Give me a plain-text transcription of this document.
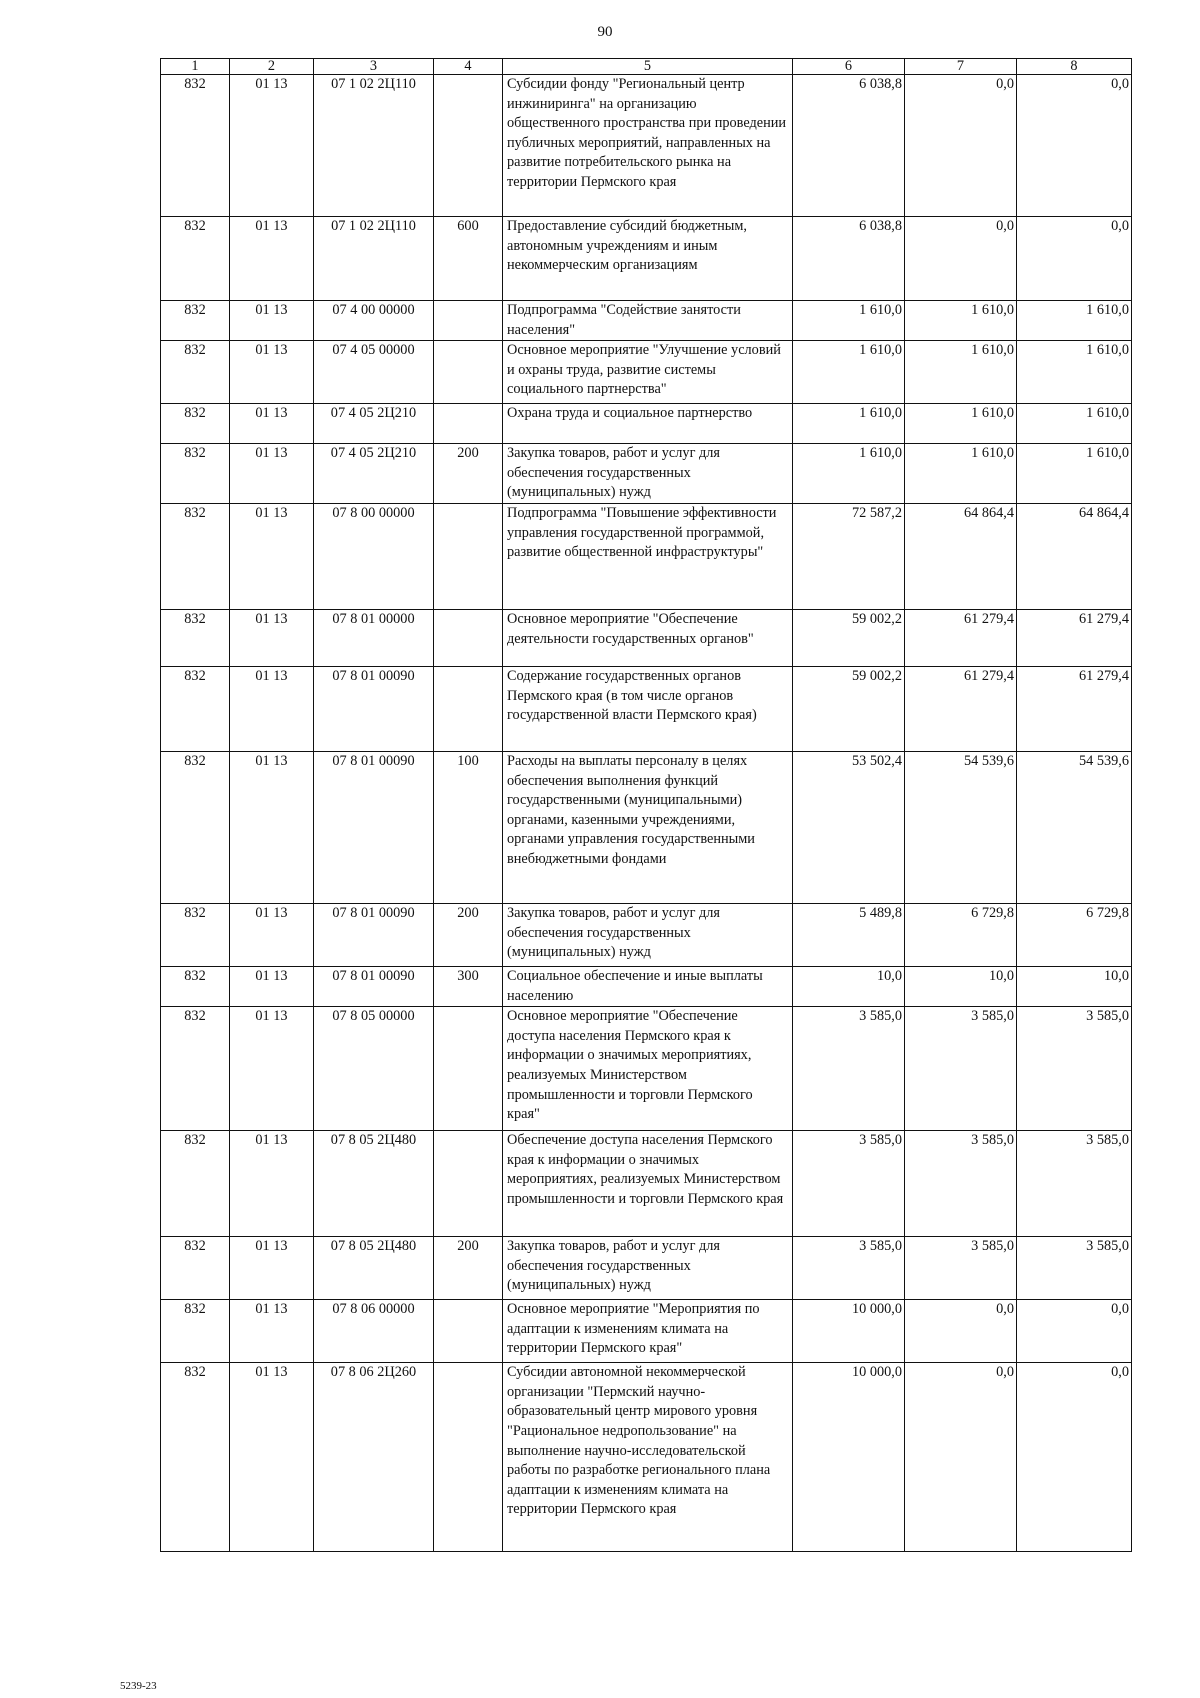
90
1	2	3	4	5	6	7	8
832	01 13	07 1 02 2Ц110		Субсидии фонду "Региональный центр инжиниринга" на организацию общественного пространства при проведении публичных мероприятий, направленных на развитие потребительского рынка на территории Пермского края	6 038,8	0,0	0,0
832	01 13	07 1 02 2Ц110	600	Предоставление субсидий бюджетным, автономным учреждениям и иным некоммерческим организациям	6 038,8	0,0	0,0
832	01 13	07 4 00 00000		Подпрограмма "Содействие занятости населения"	1 610,0	1 610,0	1 610,0
832	01 13	07 4 05 00000		Основное мероприятие "Улучшение условий и охраны труда, развитие системы социального партнерства"	1 610,0	1 610,0	1 610,0
832	01 13	07 4 05 2Ц210		Охрана труда и социальное партнерство	1 610,0	1 610,0	1 610,0
832	01 13	07 4 05 2Ц210	200	Закупка товаров, работ и услуг для обеспечения государственных (муниципальных) нужд	1 610,0	1 610,0	1 610,0
832	01 13	07 8 00 00000		Подпрограмма "Повышение эффективности управления государственной программой, развитие общественной инфраструктуры"	72 587,2	64 864,4	64 864,4
832	01 13	07 8 01 00000		Основное мероприятие "Обеспечение деятельности государственных органов"	59 002,2	61 279,4	61 279,4
832	01 13	07 8 01 00090		Содержание государственных органов Пермского края (в том числе органов государственной власти Пермского края)	59 002,2	61 279,4	61 279,4
832	01 13	07 8 01 00090	100	Расходы на выплаты персоналу в целях обеспечения выполнения функций государственными (муниципальными) органами, казенными учреждениями, органами управления государственными внебюджетными фондами	53 502,4	54 539,6	54 539,6
832	01 13	07 8 01 00090	200	Закупка товаров, работ и услуг для обеспечения государственных (муниципальных) нужд	5 489,8	6 729,8	6 729,8
832	01 13	07 8 01 00090	300	Социальное обеспечение и иные выплаты населению	10,0	10,0	10,0
832	01 13	07 8 05 00000		Основное мероприятие "Обеспечение доступа населения Пермского края к информации о значимых мероприятиях, реализуемых Министерством промышленности и торговли Пермского края"	3 585,0	3 585,0	3 585,0
832	01 13	07 8 05 2Ц480		Обеспечение доступа населения Пермского края к информации о значимых мероприятиях, реализуемых Министерством промышленности и торговли Пермского края	3 585,0	3 585,0	3 585,0
832	01 13	07 8 05 2Ц480	200	Закупка товаров, работ и услуг для обеспечения государственных (муниципальных) нужд	3 585,0	3 585,0	3 585,0
832	01 13	07 8 06 00000		Основное мероприятие "Мероприятия по адаптации к изменениям климата на территории Пермского края"	10 000,0	0,0	0,0
832	01 13	07 8 06 2Ц260		Субсидии автономной некоммерческой организации "Пермский научно-образовательный центр мирового уровня "Рациональное недропользование" на выполнение научно-исследовательской работы по разработке регионального плана адаптации к изменениям климата на территории Пермского края	10 000,0	0,0	0,0
5239-23
